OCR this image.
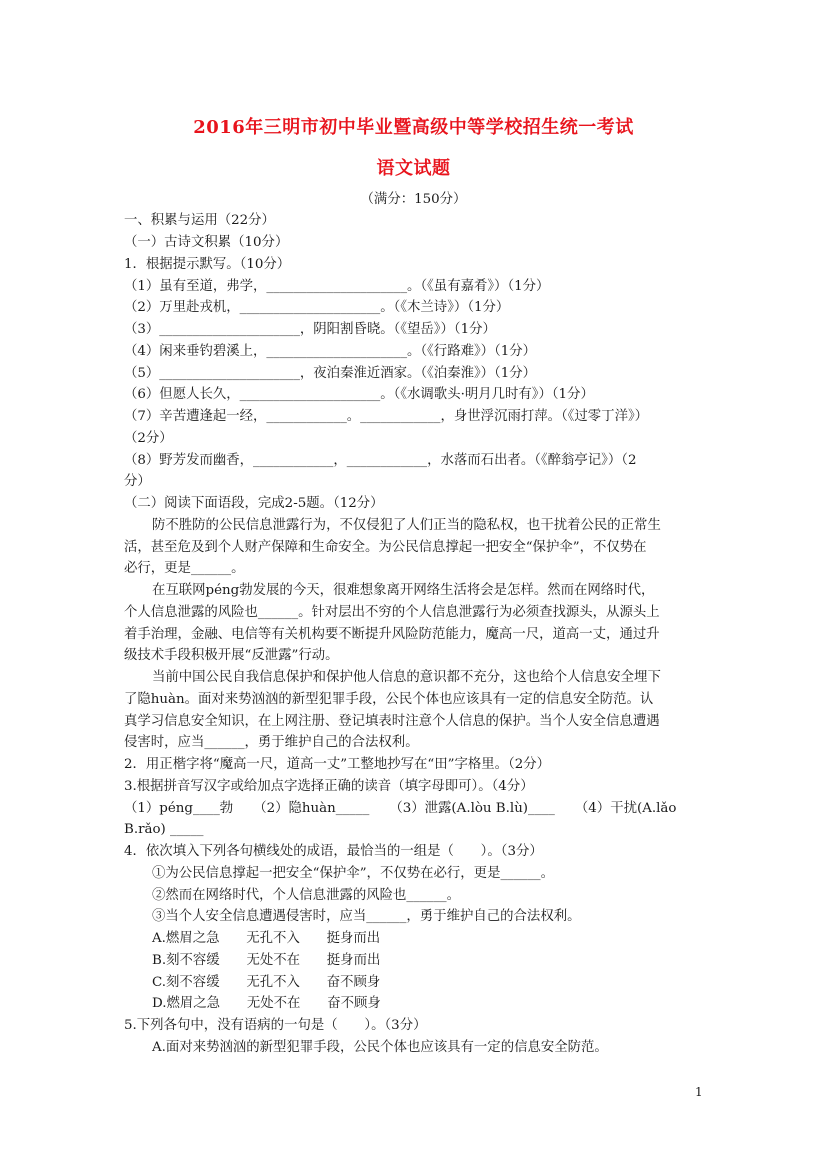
2016年三明市初中毕业暨高级中等学校招生统一考试
语文试题
（满分：150分）
一、积累与运用（22分）
（一）古诗文积累（10分）
1．根据提示默写。（10分）
（1）虽有至道，弗学，_____________________。（《虽有嘉肴》）（1分）
（2）万里赴戎机，_____________________。（《木兰诗》）（1分）
（3）_____________________，阴阳割昏晓。（《望岳》）（1分）
（4）闲来垂钓碧溪上，_____________________。（《行路难》）（1分）
（5）_____________________，夜泊秦淮近酒家。（《泊秦淮》）（1分）
（6）但愿人长久，_____________________。（《水调歌头·明月几时有》）（1分）
（7）辛苦遭逢起一经，____________。____________，身世浮沉雨打萍。（《过零丁洋》）
（2分）
（8）野芳发而幽香，____________，____________，水落而石出者。（《醉翁亭记》）（2
分）
（二）阅读下面语段，完成2-5题。（12分）
防不胜防的公民信息泄露行为，不仅侵犯了人们正当的隐私权，也干扰着公民的正常生
活，甚至危及到个人财产保障和生命安全。为公民信息撑起一把安全“保护伞”，不仅势在
必行，更是______。
在互联网péng勃发展的今天，很难想象离开网络生活将会是怎样。然而在网络时代，
个人信息泄露的风险也______。针对层出不穷的个人信息泄露行为必须查找源头，从源头上
着手治理，金融、电信等有关机构要不断提升风险防范能力，魔高一尺，道高一丈，通过升
级技术手段积极开展“反泄露”行动。
当前中国公民自我信息保护和保护他人信息的意识都不充分，这也给个人信息安全埋下
了隐huàn。面对来势汹汹的新型犯罪手段，公民个体也应该具有一定的信息安全防范。认
真学习信息安全知识，在上网注册、登记填表时注意个人信息的保护。当个人安全信息遭遇
侵害时，应当______，勇于维护自己的合法权利。
2．用正楷字将“魔高一尺，道高一丈”工整地抄写在“田”字格里。（2分）
3.根据拼音写汉字或给加点字选择正确的读音（填字母即可）。（4分）
（1）péng____勃　　（2）隐huàn_____　　（3）泄露(A.lòu B.lù)____　　（4）干扰(A.lǎo
B.rǎo) _____
4．依次填入下列各句横线处的成语，最恰当的一组是（　　）。（3分）
①为公民信息撑起一把安全“保护伞”，不仅势在必行，更是______。
②然而在网络时代，个人信息泄露的风险也______。
③当个人安全信息遭遇侵害时，应当______，勇于维护自己的合法权利。
A.燃眉之急　　无孔不入　　挺身而出
B.刻不容缓　　无处不在　　挺身而出
C.刻不容缓　　无孔不入　　奋不顾身
D.燃眉之急　　无处不在　　奋不顾身
5.下列各句中，没有语病的一句是（　　）。（3分）
A.面对来势汹汹的新型犯罪手段，公民个体也应该具有一定的信息安全防范。
1
